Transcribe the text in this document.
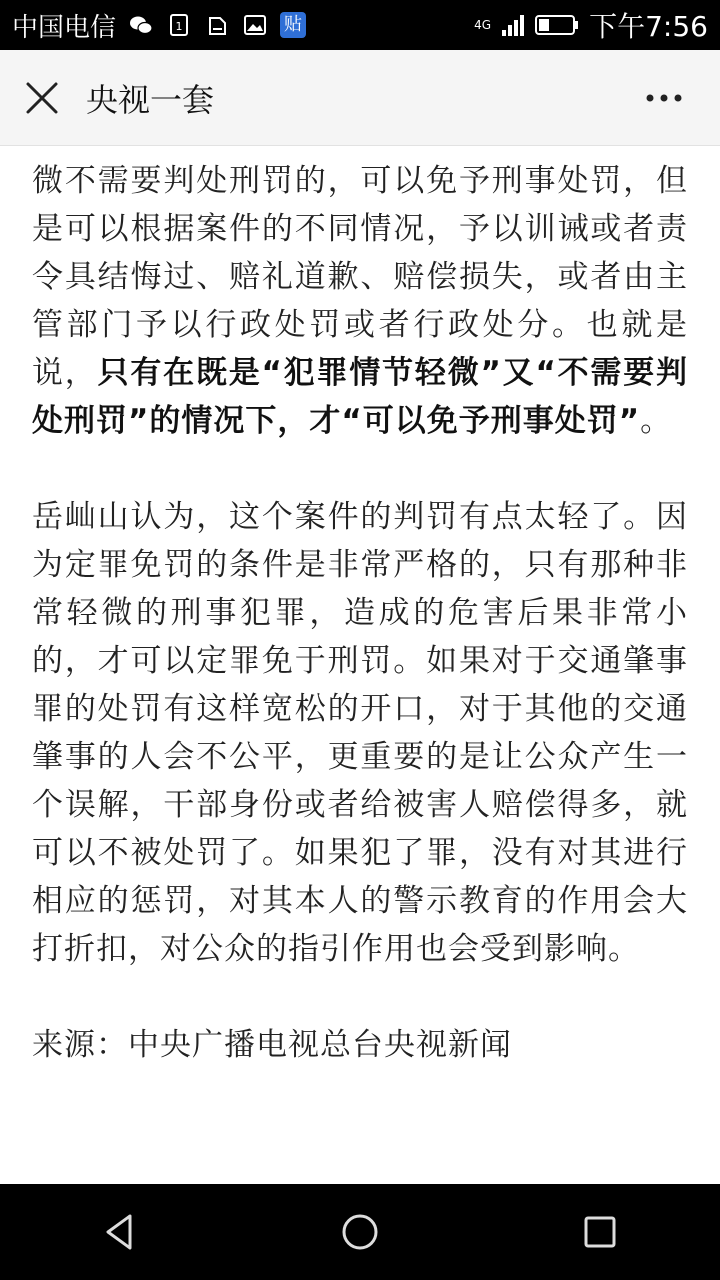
中国电信	1	贴	4G	下午7:56
央视一套

微不需要判处刑罚的，可以免予刑事处罚，但是可以根据案件的不同情况，予以训诫或者责令具结悔过、赔礼道歉、赔偿损失，或者由主管部门予以行政处罚或者行政处分。也就是说，只有在既是“犯罪情节轻微”又“不需要判处刑罚”的情况下，才“可以免予刑事处罚”。

岳屾山认为，这个案件的判罚有点太轻了。因为定罪免罚的条件是非常严格的，只有那种非常轻微的刑事犯罪，造成的危害后果非常小的，才可以定罪免于刑罚。如果对于交通肇事罪的处罚有这样宽松的开口，对于其他的交通肇事的人会不公平，更重要的是让公众产生一个误解，干部身份或者给被害人赔偿得多，就可以不被处罚了。如果犯了罪，没有对其进行相应的惩罚，对其本人的警示教育的作用会大打折扣，对公众的指引作用也会受到影响。

来源：中央广播电视总台央视新闻
